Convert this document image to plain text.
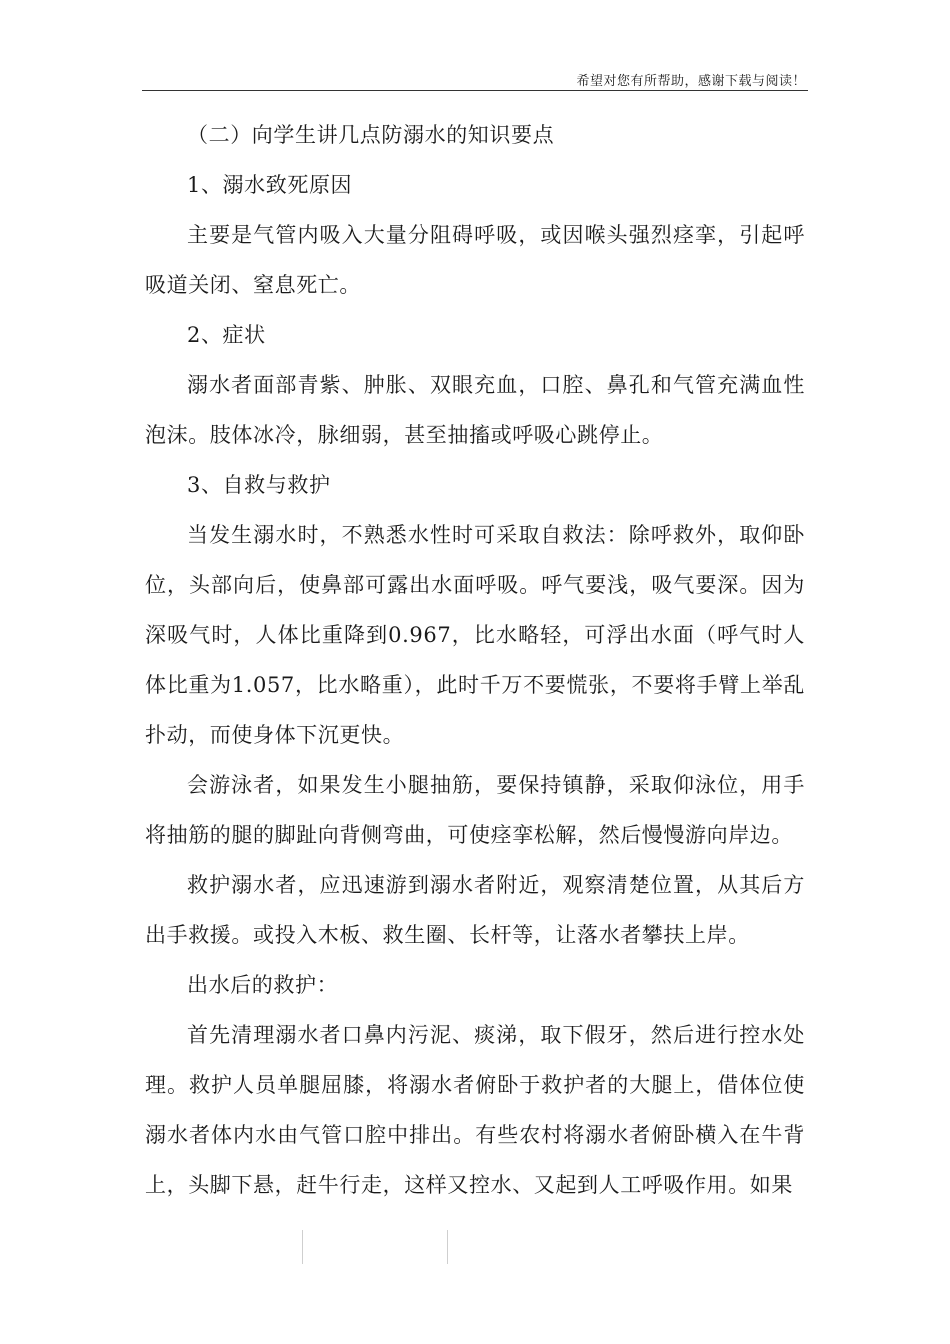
希望对您有所帮助，感谢下载与阅读！

（二）向学生讲几点防溺水的知识要点

1、溺水致死原因

主要是气管内吸入大量分阻碍呼吸，或因喉头强烈痉挛，引起呼吸道关闭、窒息死亡。

2、症状

溺水者面部青紫、肿胀、双眼充血，口腔、鼻孔和气管充满血性泡沫。肢体冰冷，脉细弱，甚至抽搐或呼吸心跳停止。

3、自救与救护

当发生溺水时，不熟悉水性时可采取自救法：除呼救外，取仰卧位，头部向后，使鼻部可露出水面呼吸。呼气要浅，吸气要深。因为深吸气时，人体比重降到0.967，比水略轻，可浮出水面（呼气时人体比重为1.057，比水略重），此时千万不要慌张，不要将手臂上举乱扑动，而使身体下沉更快。

会游泳者，如果发生小腿抽筋，要保持镇静，采取仰泳位，用手将抽筋的腿的脚趾向背侧弯曲，可使痉挛松解，然后慢慢游向岸边。

救护溺水者，应迅速游到溺水者附近，观察清楚位置，从其后方出手救援。或投入木板、救生圈、长杆等，让落水者攀扶上岸。

出水后的救护：

首先清理溺水者口鼻内污泥、痰涕，取下假牙，然后进行控水处理。救护人员单腿屈膝，将溺水者俯卧于救护者的大腿上，借体位使溺水者体内水由气管口腔中排出。有些农村将溺水者俯卧横入在牛背上，头脚下悬，赶牛行走，这样又控水、又起到人工呼吸作用。如果
